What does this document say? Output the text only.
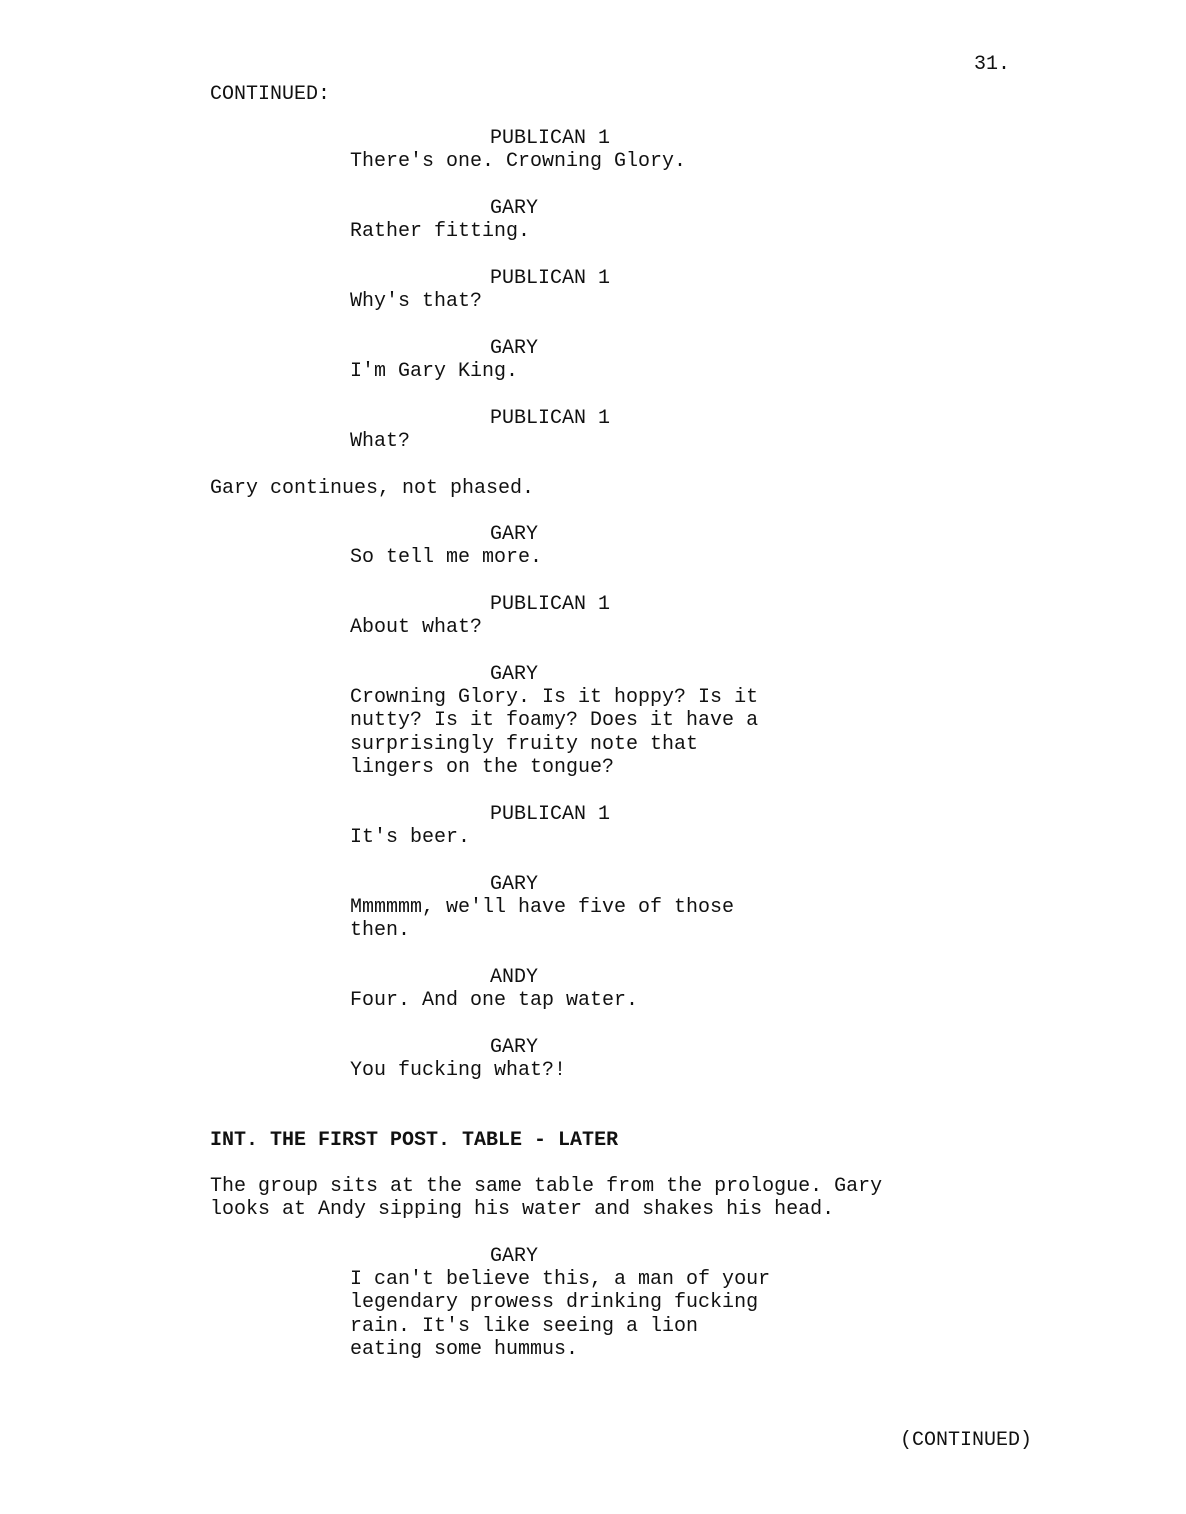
31.
CONTINUED:
PUBLICAN 1
There's one. Crowning Glory.
GARY
Rather fitting.
PUBLICAN 1
Why's that?
GARY
I'm Gary King.
PUBLICAN 1
What?
Gary continues, not phased.
GARY
So tell me more.
PUBLICAN 1
About what?
GARY
Crowning Glory. Is it hoppy? Is it
nutty? Is it foamy? Does it have a
surprisingly fruity note that
lingers on the tongue?
PUBLICAN 1
It's beer.
GARY
Mmmmmm, we'll have five of those
then.
ANDY
Four. And one tap water.
GARY
You fucking what?!
INT. THE FIRST POST. TABLE - LATER
The group sits at the same table from the prologue. Gary
looks at Andy sipping his water and shakes his head.
GARY
I can't believe this, a man of your
legendary prowess drinking fucking
rain. It's like seeing a lion
eating some hummus.
(CONTINUED)
